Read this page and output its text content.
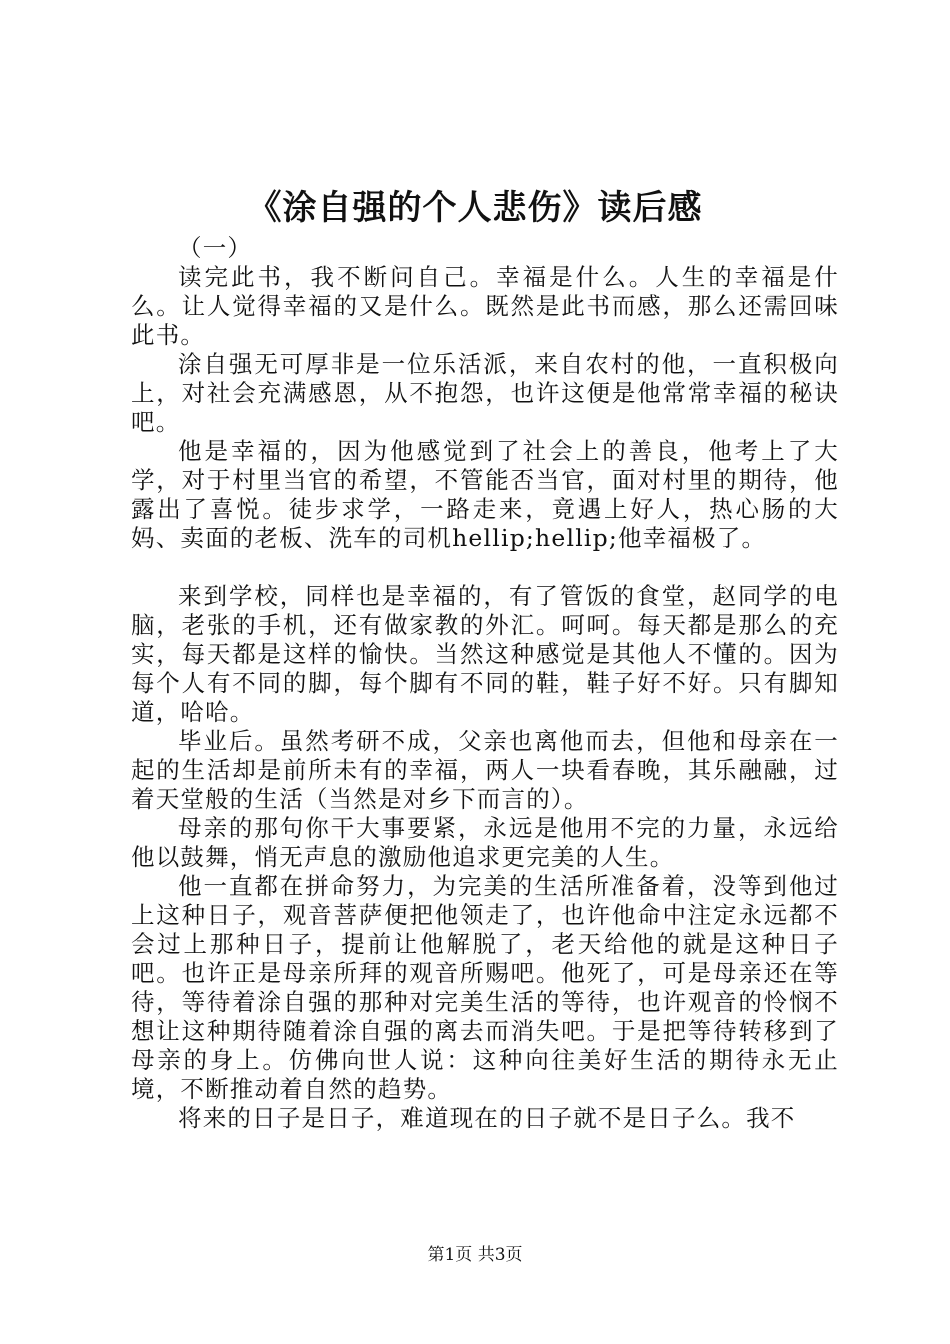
《涂自强的个人悲伤》读后感

（一）

读完此书，我不断问自己。幸福是什么。人生的幸福是什么。让人觉得幸福的又是什么。既然是此书而感，那么还需回味此书。

涂自强无可厚非是一位乐活派，来自农村的他，一直积极向上，对社会充满感恩，从不抱怨，也许这便是他常常幸福的秘诀吧。

他是幸福的，因为他感觉到了社会上的善良，他考上了大学，对于村里当官的希望，不管能否当官，面对村里的期待，他露出了喜悦。徒步求学，一路走来，竟遇上好人，热心肠的大妈、卖面的老板、洗车的司机hellip;hellip;他幸福极了。

来到学校，同样也是幸福的，有了管饭的食堂，赵同学的电脑，老张的手机，还有做家教的外汇。呵呵。每天都是那么的充实，每天都是这样的愉快。当然这种感觉是其他人不懂的。因为每个人有不同的脚，每个脚有不同的鞋，鞋子好不好。只有脚知道，哈哈。

毕业后。虽然考研不成，父亲也离他而去，但他和母亲在一起的生活却是前所未有的幸福，两人一块看春晚，其乐融融，过着天堂般的生活（当然是对乡下而言的）。

母亲的那句你干大事要紧，永远是他用不完的力量，永远给他以鼓舞，悄无声息的激励他追求更完美的人生。

他一直都在拼命努力，为完美的生活所准备着，没等到他过上这种日子，观音菩萨便把他领走了，也许他命中注定永远都不会过上那种日子，提前让他解脱了，老天给他的就是这种日子吧。也许正是母亲所拜的观音所赐吧。他死了，可是母亲还在等待，等待着涂自强的那种对完美生活的等待，也许观音的怜悯不想让这种期待随着涂自强的离去而消失吧。于是把等待转移到了母亲的身上。仿佛向世人说：这种向往美好生活的期待永无止境，不断推动着自然的趋势。

将来的日子是日子，难道现在的日子就不是日子么。我不

第1页 共3页
